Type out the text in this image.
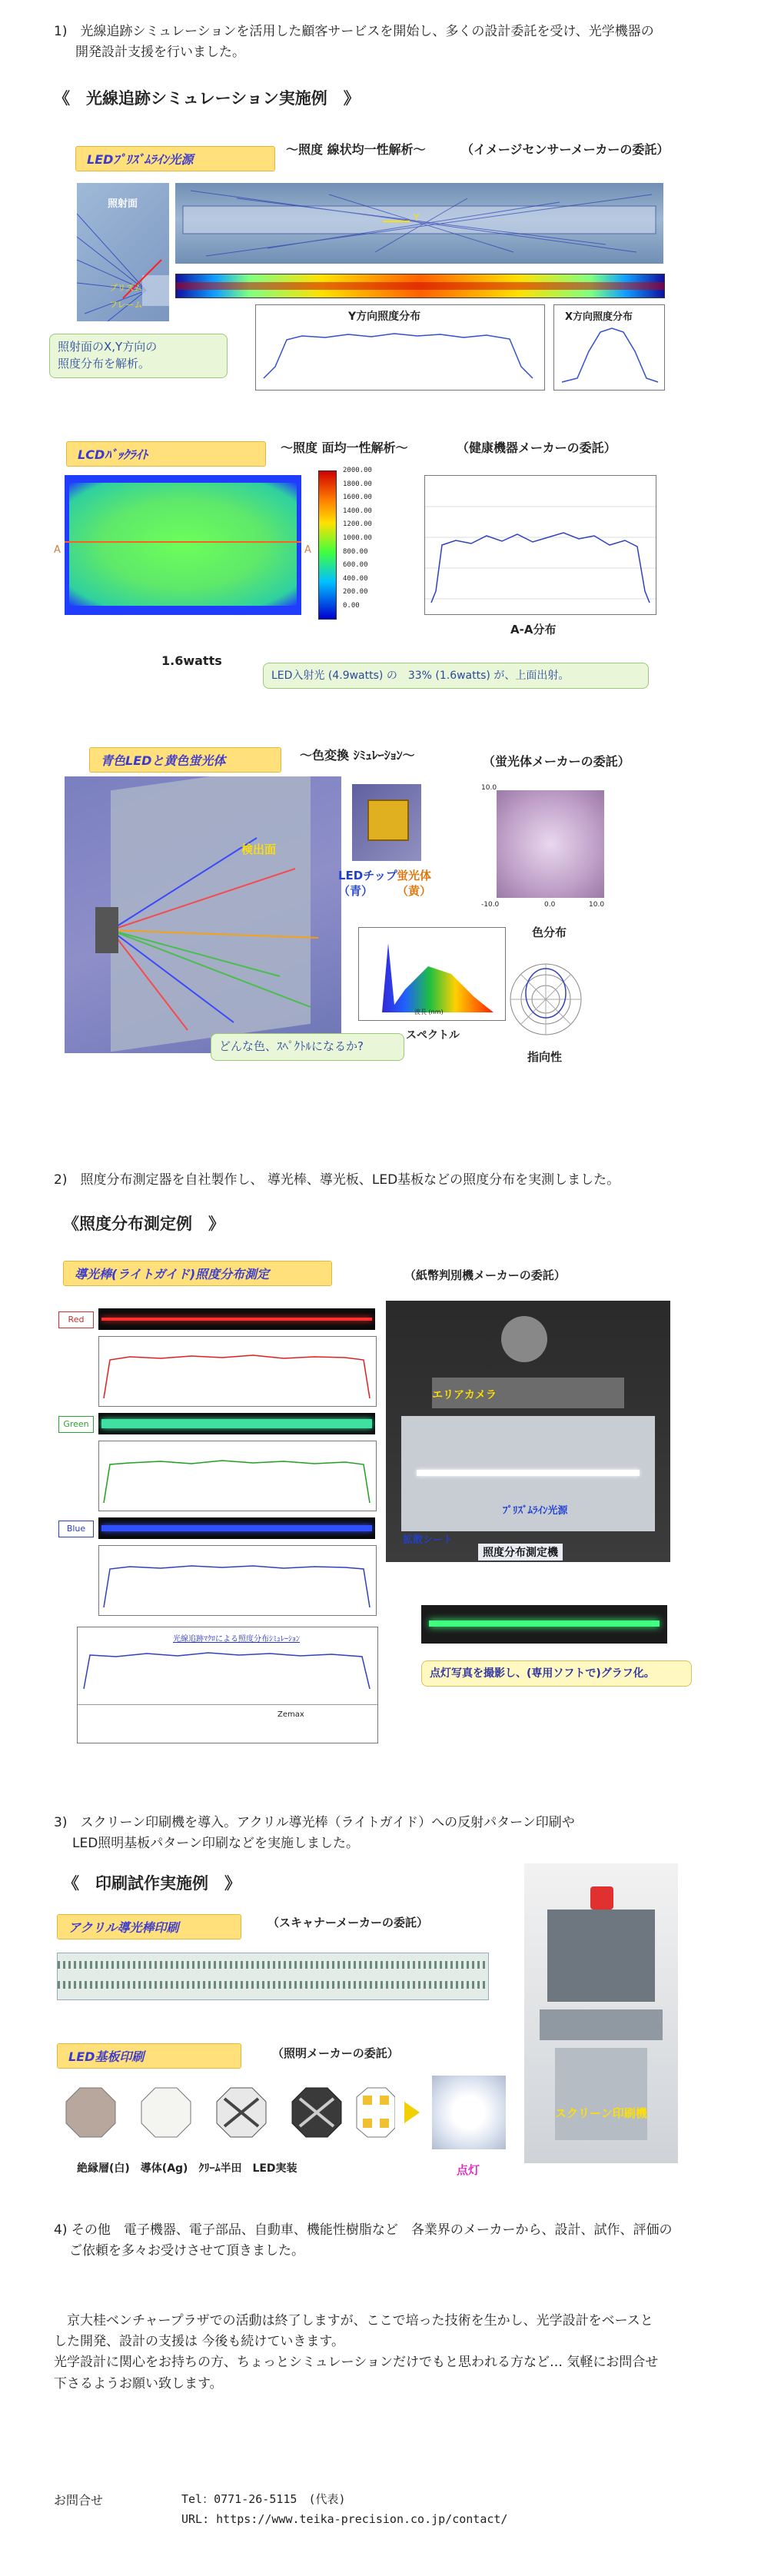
1)　光線追跡シミュレーションを活用した顧客サービスを開始し、多くの設計委託を受け、光学機器の
開発設計支援を行いました。
《　光線追跡シミュレーション実施例　》
LEDﾌﾟﾘｽﾞﾑﾗｲﾝ光源
～照度 線状均一性解析～	（イメージセンサーメーカーの委託）
照射面
プリズム
フレーム
Y
Y方向照度分布	X方向照度分布
照射面のX,Y方向の
照度分布を解析。
LCDﾊﾞｯｸﾗｲﾄ	～照度 面均一性解析～	（健康機器メーカーの委託）
A	A
2000.00
1800.00
1600.00
1400.00
1200.00
1000.00
800.00
600.00
400.00
200.00
0.00
A-A分布
1.6watts
LED入射光 (4.9watts) の　33% (1.6watts) が、上面出射。
青色LEDと黄色蛍光体	～色変換 ｼﾐｭﾚｰｼｮﾝ～	（蛍光体メーカーの委託）
検出面
LEDチップ
（青）
蛍光体
（黄）
10.0
-10.0	10.0
0.0
色分布
波長 (nm)
スペクトル
指向性
どんな色、ｽﾍﾟｸﾄﾙになるか?
2)　照度分布測定器を自社製作し、 導光棒、導光板、LED基板などの照度分布を実測しました。
《照度分布測定例　》
導光棒(ライトガイド)照度分布測定	（紙幣判別機メーカーの委託）
Red
Green
Blue
光線追跡ﾏｸﾛによる照度分布ｼﾐｭﾚｰｼｮﾝ
Zemax
エリアカメラ
ﾌﾟﾘｽﾞﾑﾗｲﾝ光源
拡散シート
照度分布測定機
点灯写真を撮影し、(専用ソフトで)グラフ化。
3)　スクリーン印刷機を導入。アクリル導光棒（ライトガイド）への反射パターン印刷や
LED照明基板パターン印刷などを実施しました。
《　印刷試作実施例　》
アクリル導光棒印刷	（スキャナーメーカーの委託）
LED基板印刷	（照明メーカーの委託）
絶縁層(白)　導体(Ag)　ｸﾘｰﾑ半田　LED実装	点灯
スクリーン印刷機
4) その他　電子機器、電子部品、自動車、機能性樹脂など　各業界のメーカーから、設計、試作、評価の
ご依頼を多々お受けさせて頂きました。
　京大桂ベンチャープラザでの活動は終了しますが、ここで培った技術を生かし、光学設計をベースと
した開発、設計の支援は 今後も続けていきます。
光学設計に関心をお持ちの方、ちょっとシミュレーションだけでもと思われる方など… 気軽にお問合せ
下さるようお願い致します。
お問合せ	Tel：0771-26-5115　(代表)
URL: https://www.teika-precision.co.jp/contact/
